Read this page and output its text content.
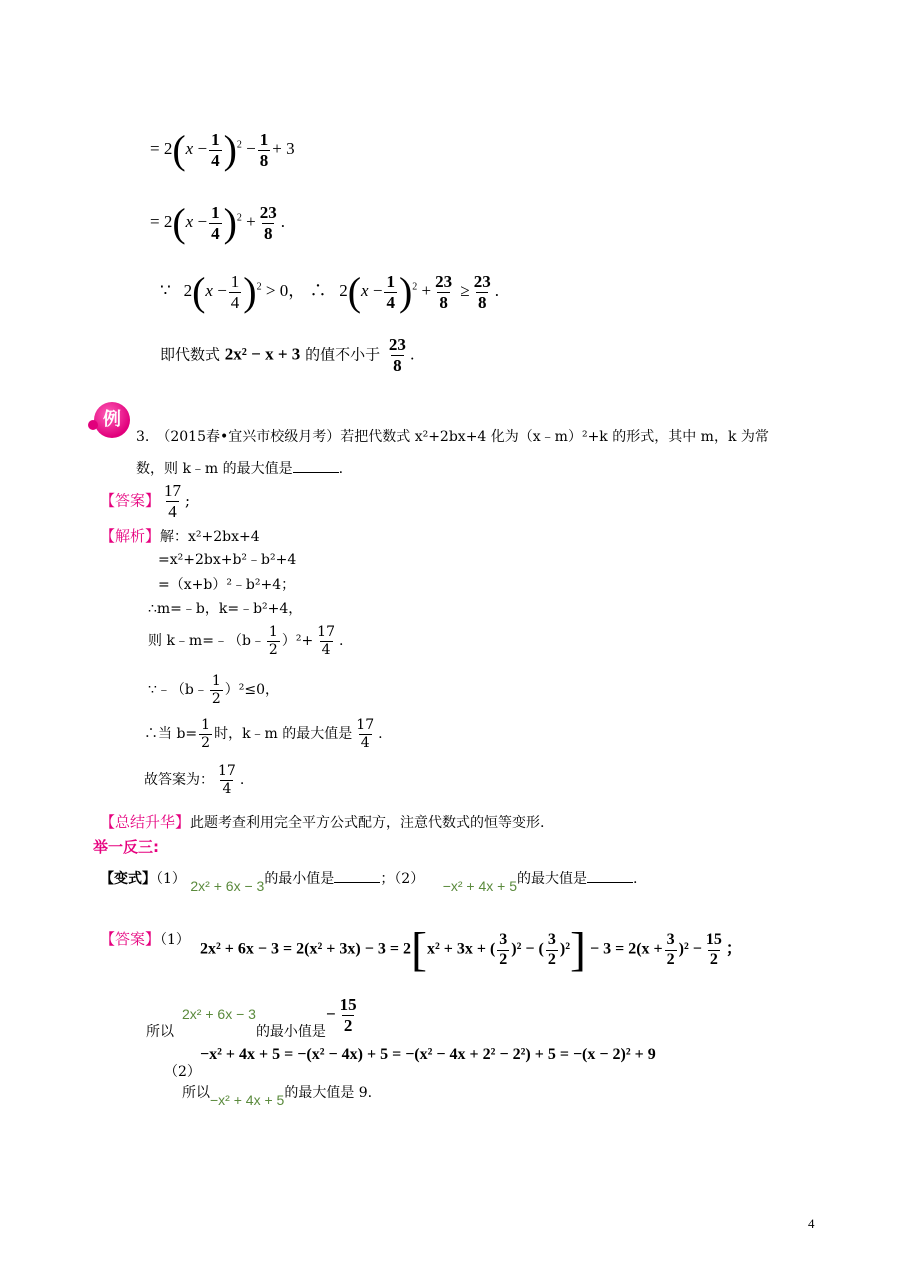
= $2(x - \frac{1}{4} )^2 - \frac{1}{8} + 3$
= $2(x - \frac{1}{4} )^2 + \frac{23}{8}$ .
∵ $2(x - \frac{1}{4} )^2 > 0$， ∴ $2(x - \frac{1}{4} )^2 + \frac{23}{8} \ge \frac{23}{8}$ .
即代数式 2x² − x + 3 的值不小于 $\frac{23}{8}$ .
例
3.　（2015春•宜兴市校级月考）若把代数式 x²+2bx+4 化为（x﹣m）²+k 的形式，其中 m，k 为常
数，则 k﹣m 的最大值是	.
【答案】 $\frac{17}{4}$ ;
【解析】解：x²+2bx+4
=x²+2bx+b²﹣b²+4
=（x+b）²﹣b²+4；
∴m=﹣b，k=﹣b²+4，
则 k﹣m=﹣（b﹣ $\frac{1}{2} )^2+ \frac{17}{4}$ .
∵﹣（b﹣ $\frac{1}{2} )^2\le 0$，
∴当 $b= \frac{1}{2}$ 时，k﹣m 的最大值是 $\frac{17}{4}$ .
故答案为： $\frac{17}{4}$ .
【总结升华】此题考查利用完全平方公式配方，注意代数式的恒等变形.
举一反三:
【变式】（1） 2x² + 6x − 3的最小值是	；（2） −x² + 4x + 5的最大值是	.
【答案】（1）
2x² + 6x − 3 = 2(x² + 3x) − 3 = 2[x² + 3x + ( $\frac{3}{2} )^2$ − ( $\frac{3}{2} )^2] - 3 = 2(x + \frac{3}{2} )^2 - \frac{15}{2}$ ；
所以2x² + 6x − 3的最小值是− $\frac{15}{2}$
（2）
−x² + 4x + 5 = −(x² − 4x) + 5 = −(x² − 4x + 2² − 2²) + 5 = −(x − 2)² + 9
所以−x² + 4x + 5的最大值是 9.
4
